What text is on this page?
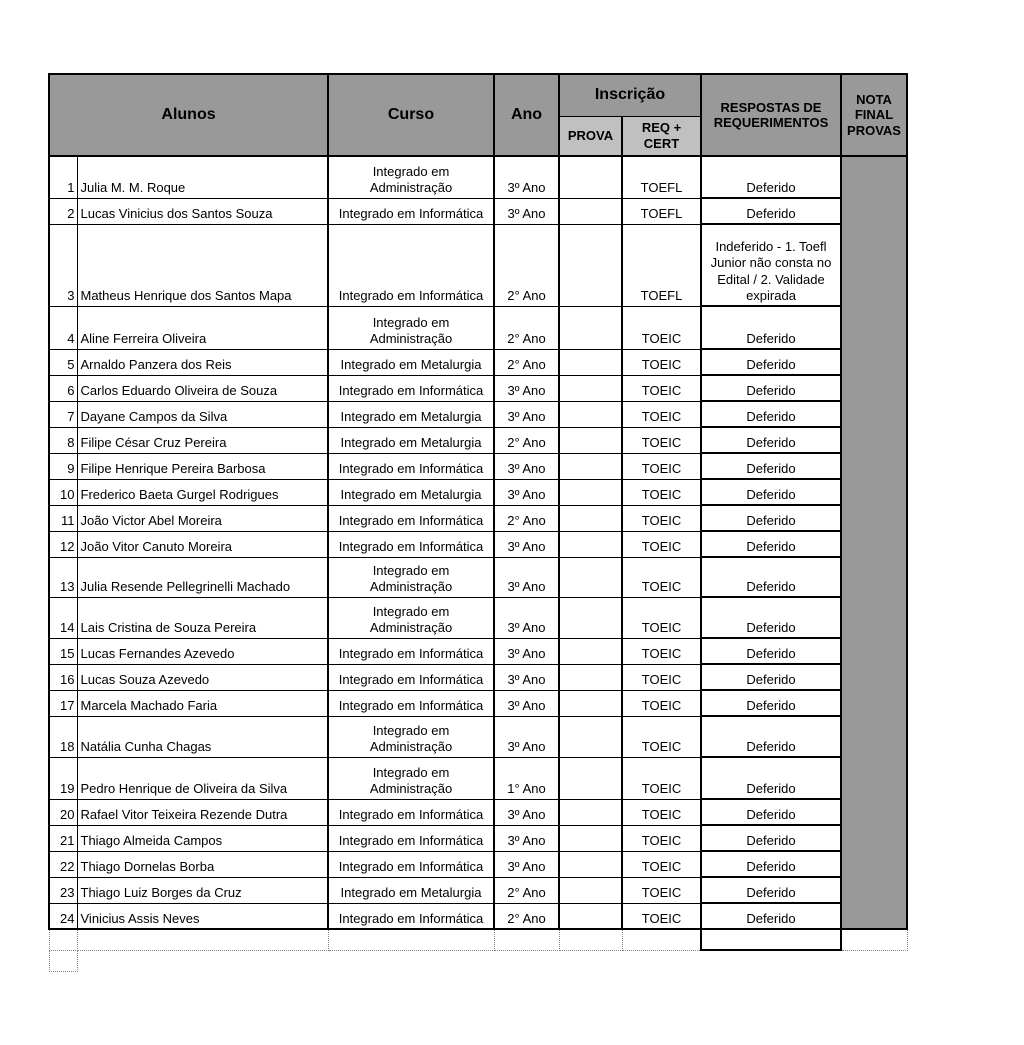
Alunos		Curso	Ano	Inscrição		RESPOSTAS DE REQUERIMENTOS	NOTA FINAL PROVAS
				PROVA	REQ + CERT		
1	Julia M. M. Roque	Integrado em Administração	3º Ano		TOEFL	Deferido	
2	Lucas Vinicius dos Santos Souza	Integrado em Informática	3º Ano		TOEFL	Deferido	
3	Matheus Henrique dos Santos Mapa	Integrado em Informática	2° Ano		TOEFL	Indeferido - 1. Toefl Junior não consta no Edital / 2. Validade expirada	
4	Aline Ferreira Oliveira	Integrado em Administração	2° Ano		TOEIC	Deferido	
5	Arnaldo Panzera dos Reis	Integrado em Metalurgia	2° Ano		TOEIC	Deferido	
6	Carlos Eduardo Oliveira de Souza	Integrado em Informática	3º Ano		TOEIC	Deferido	
7	Dayane Campos da Silva	Integrado em Metalurgia	3º Ano		TOEIC	Deferido	
8	Filipe César Cruz Pereira	Integrado em Metalurgia	2° Ano		TOEIC	Deferido	
9	Filipe Henrique Pereira Barbosa	Integrado em Informática	3º Ano		TOEIC	Deferido	
10	Frederico Baeta Gurgel Rodrigues	Integrado em Metalurgia	3º Ano		TOEIC	Deferido	
11	João Victor Abel Moreira	Integrado em Informática	2° Ano		TOEIC	Deferido	
12	João Vitor Canuto Moreira	Integrado em Informática	3º Ano		TOEIC	Deferido	
13	Julia Resende Pellegrinelli Machado	Integrado em Administração	3º Ano		TOEIC	Deferido	
14	Lais Cristina de Souza Pereira	Integrado em Administração	3º Ano		TOEIC	Deferido	
15	Lucas Fernandes Azevedo	Integrado em Informática	3º Ano		TOEIC	Deferido	
16	Lucas Souza Azevedo	Integrado em Informática	3º Ano		TOEIC	Deferido	
17	Marcela Machado Faria	Integrado em Informática	3º Ano		TOEIC	Deferido	
18	Natália Cunha Chagas	Integrado em Administração	3º Ano		TOEIC	Deferido	
19	Pedro Henrique de Oliveira da Silva	Integrado em Administração	1° Ano		TOEIC	Deferido	
20	Rafael Vitor Teixeira Rezende Dutra	Integrado em Informática	3º Ano		TOEIC	Deferido	
21	Thiago Almeida Campos	Integrado em Informática	3º Ano		TOEIC	Deferido	
22	Thiago Dornelas Borba	Integrado em Informática	3º Ano		TOEIC	Deferido	
23	Thiago Luiz Borges da Cruz	Integrado em Metalurgia	2° Ano		TOEIC	Deferido	
24	Vinicius Assis Neves	Integrado em Informática	2° Ano		TOEIC	Deferido	
